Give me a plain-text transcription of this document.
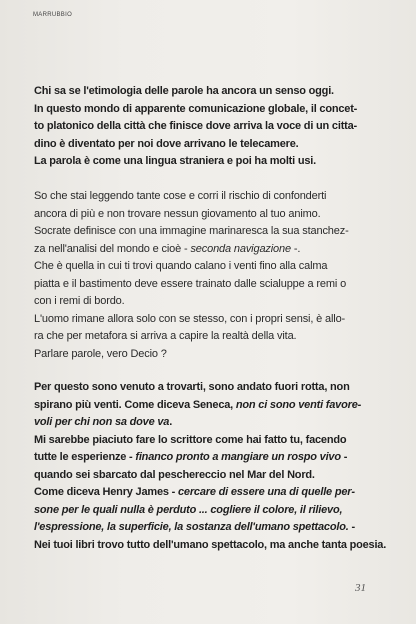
MARRUBBIO
Chi sa se l'etimologia delle parole ha ancora un senso oggi.
In questo mondo di apparente comunicazione globale, il concet-
to platonico della città che finisce dove arriva la voce di un citta-
dino è diventato per noi dove arrivano le telecamere.
La parola è come una lingua straniera e poi ha molti usi.
So che stai leggendo tante cose e corri il rischio di confonderti
ancora di più e non trovare nessun giovamento al tuo animo.
Socrate definisce con una immagine marinaresca la sua stanchez-
za nell'analisi del mondo e cioè - seconda navigazione -.
Che è quella in cui ti trovi quando calano i venti fino alla calma
piatta e il bastimento deve essere trainato dalle scialuppe a remi o
con i remi di bordo.
L'uomo rimane allora solo con se stesso, con i propri sensi, è allo-
ra che per metafora si arriva a capire la realtà della vita.
Parlare parole, vero Decio ?
Per questo sono venuto a trovarti, sono andato fuori rotta, non
spirano più venti. Come diceva Seneca, non ci sono venti favore-
voli per chi non sa dove va.
Mi sarebbe piaciuto fare lo scrittore come hai fatto tu, facendo
tutte le esperienze - financo pronto a mangiare un rospo vivo -
quando sei sbarcato dal peschereccio nel Mar del Nord.
Come diceva Henry James - cercare di essere una di quelle per-
sone per le quali nulla è perduto ... cogliere il colore, il rilievo,
l'espressione, la superficie, la sostanza dell'umano spettacolo. -
Nei tuoi libri trovo tutto dell'umano spettacolo, ma anche tanta poesia.
31
